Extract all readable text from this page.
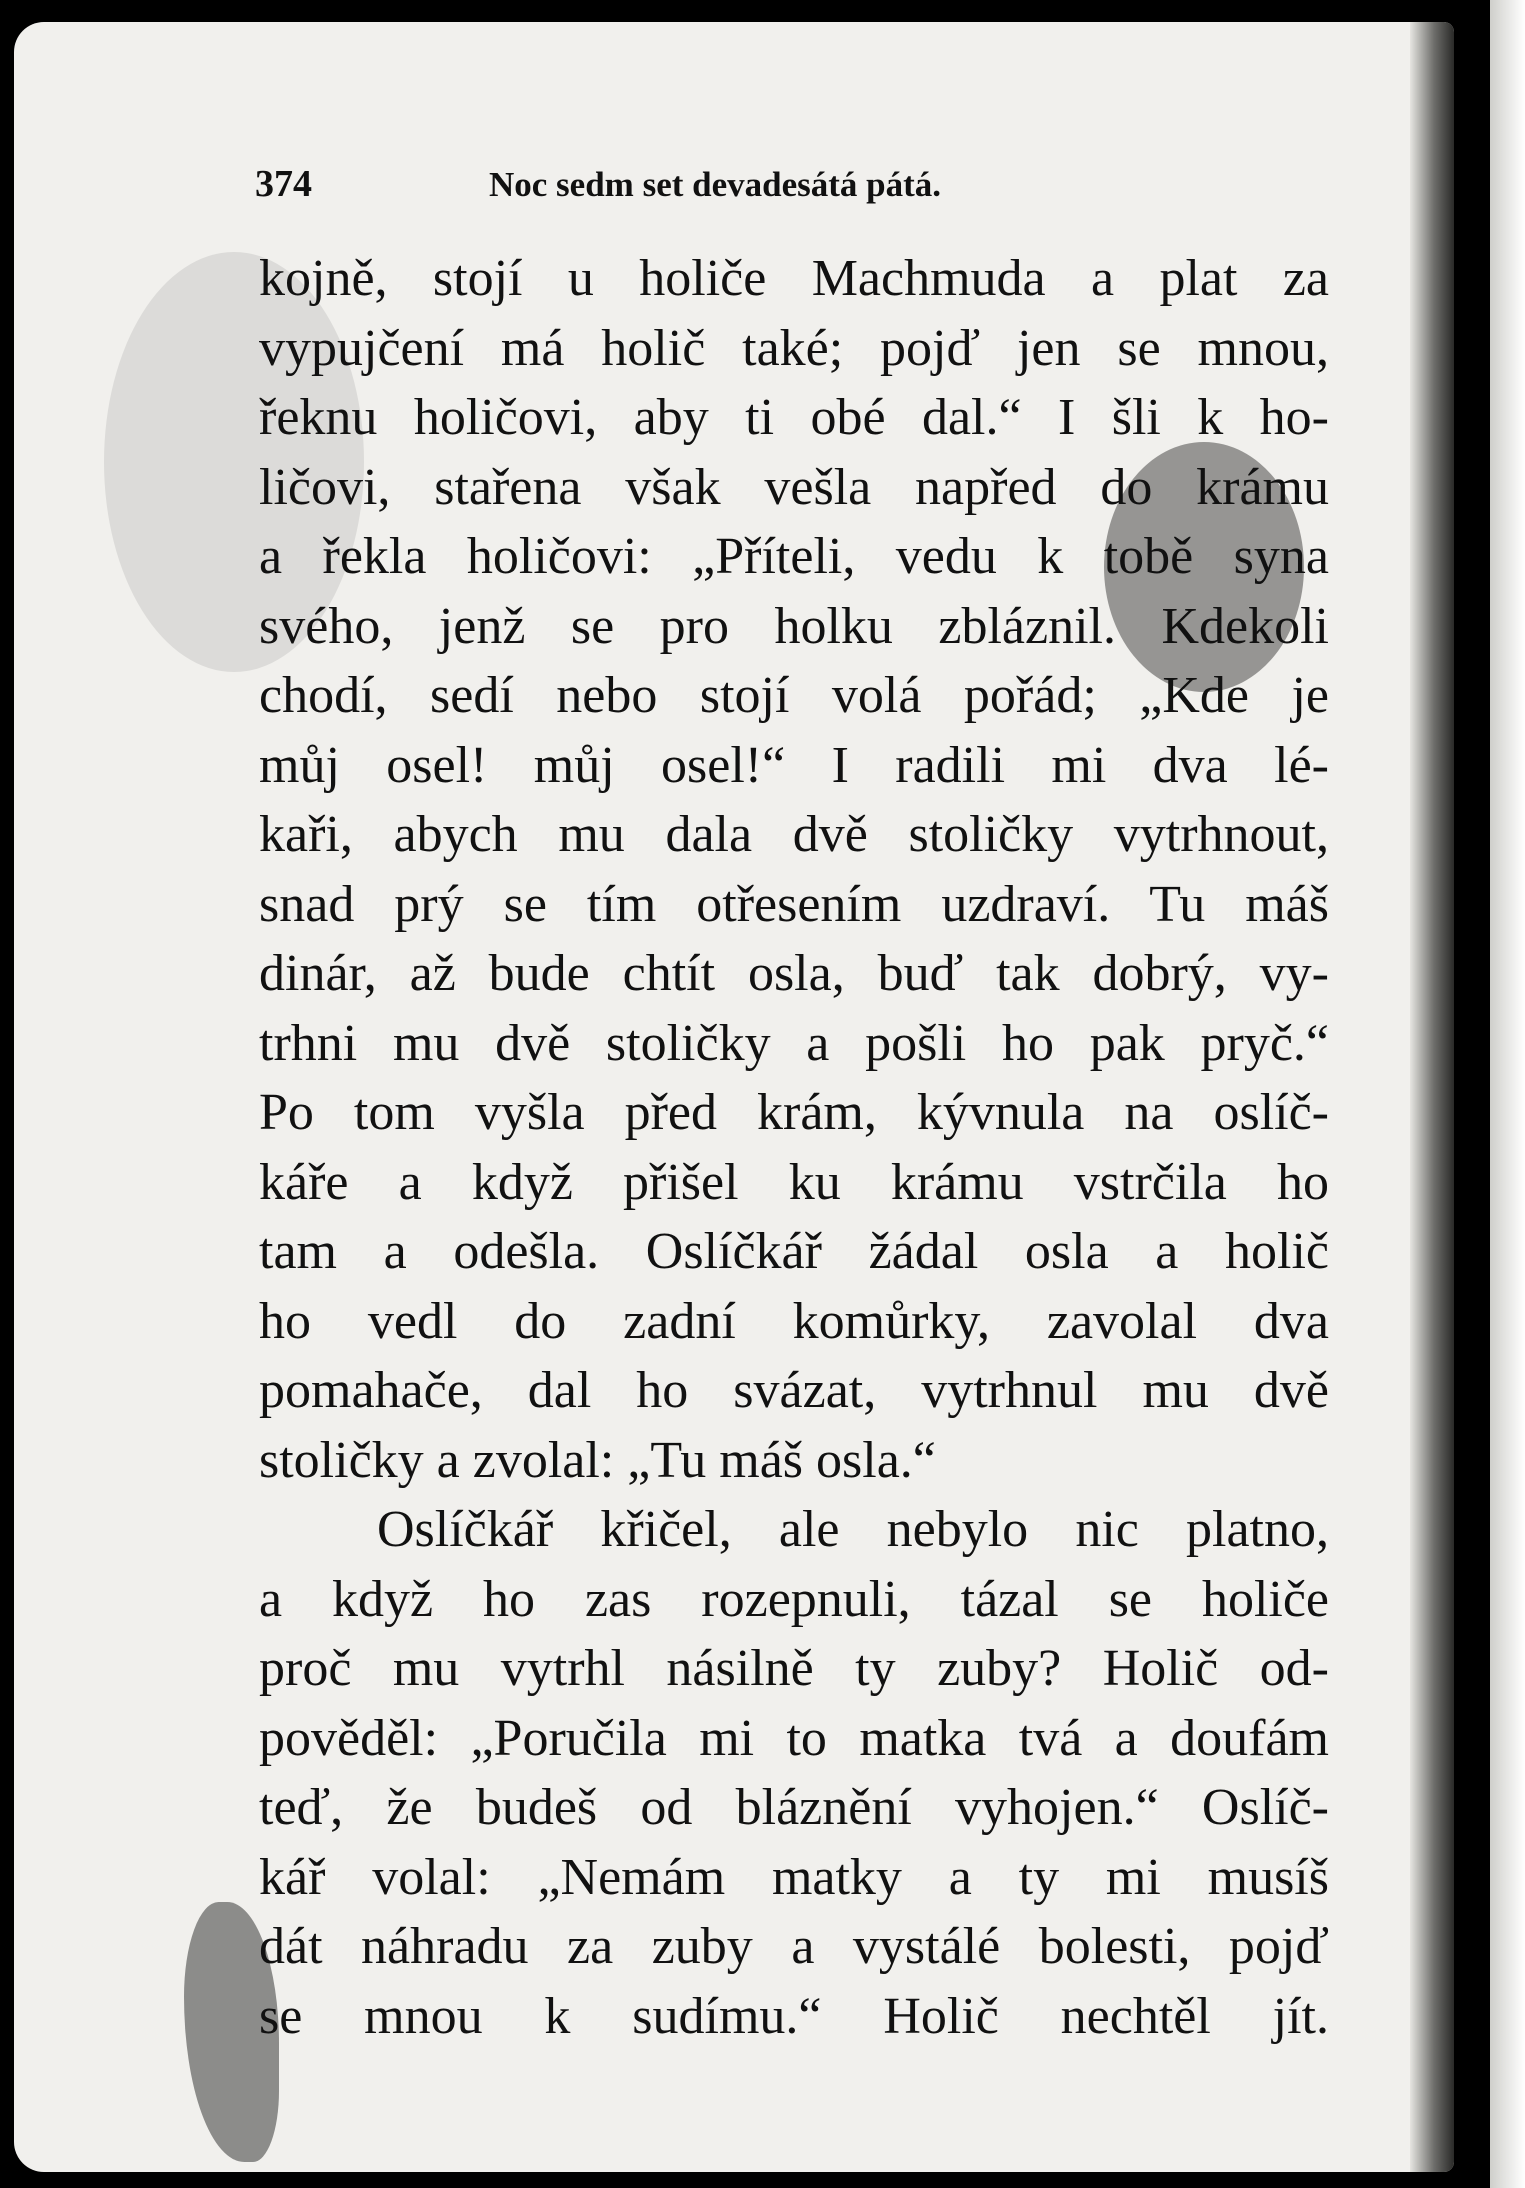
374	Noc sedm set devadesátá pátá.
kojně, stojí u holiče Machmuda a plat za
vypujčení má holič také; pojď jen se mnou,
řeknu holičovi, aby ti obé dal.“ I šli k ho-
ličovi, stařena však vešla napřed do krámu
a řekla holičovi: „Příteli, vedu k tobě syna
svého, jenž se pro holku zbláznil. Kdekoli
chodí, sedí nebo stojí volá pořád; „Kde je
můj osel! můj osel!“ I radili mi dva lé-
kaři, abych mu dala dvě stoličky vytrhnout,
snad prý se tím otřesením uzdraví. Tu máš
dinár, až bude chtít osla, buď tak dobrý, vy-
trhni mu dvě stoličky a pošli ho pak pryč.“
Po tom vyšla před krám, kývnula na oslíč-
káře a když přišel ku krámu vstrčila ho
tam a odešla. Oslíčkář žádal osla a holič
ho vedl do zadní komůrky, zavolal dva
pomahače, dal ho svázat, vytrhnul mu dvě
stoličky a zvolal: „Tu máš osla.“
Oslíčkář křičel, ale nebylo nic platno,
a když ho zas rozepnuli, tázal se holiče
proč mu vytrhl násilně ty zuby? Holič od-
pověděl: „Poručila mi to matka tvá a doufám
teď, že budeš od bláznění vyhojen.“ Oslíč-
kář volal: „Nemám matky a ty mi musíš
dát náhradu za zuby a vystálé bolesti, pojď
se mnou k sudímu.“ Holič nechtěl jít.
